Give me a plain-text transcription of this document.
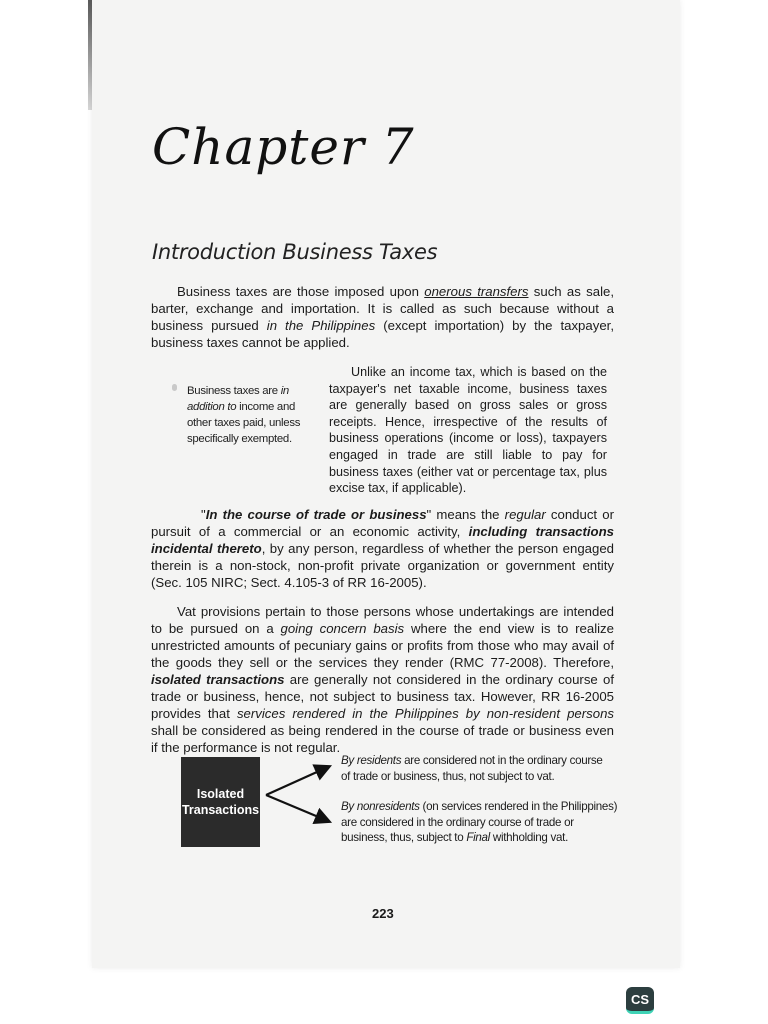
Chapter 7
Introduction Business Taxes

Business taxes are those imposed upon onerous transfers such as sale, barter, exchange and importation. It is called as such because without a business pursued in the Philippines (except importation) by the taxpayer, business taxes cannot be applied.

Business taxes are in addition to income and other taxes paid, unless specifically exempted.

Unlike an income tax, which is based on the taxpayer's net taxable income, business taxes are generally based on gross sales or gross receipts. Hence, irrespective of the results of business operations (income or loss), taxpayers engaged in trade are still liable to pay for business taxes (either vat or percentage tax, plus excise tax, if applicable).

"In the course of trade or business" means the regular conduct or pursuit of a commercial or an economic activity, including transactions incidental thereto, by any person, regardless of whether the person engaged therein is a non-stock, non-profit private organization or government entity (Sec. 105 NIRC; Sect. 4.105-3 of RR 16-2005).

Vat provisions pertain to those persons whose undertakings are intended to be pursued on a going concern basis where the end view is to realize unrestricted amounts of pecuniary gains or profits from those who may avail of the goods they sell or the services they render (RMC 77-2008). Therefore, isolated transactions are generally not considered in the ordinary course of trade or business, hence, not subject to business tax. However, RR 16-2005 provides that services rendered in the Philippines by non-resident persons shall be considered as being rendered in the course of trade or business even if the performance is not regular.

Isolated
Transactions
By residents are considered not in the ordinary course of trade or business, thus, not subject to vat.
By nonresidents (on services rendered in the Philippines) are considered in the ordinary course of trade or business, thus, subject to Final withholding vat.
223
CS
